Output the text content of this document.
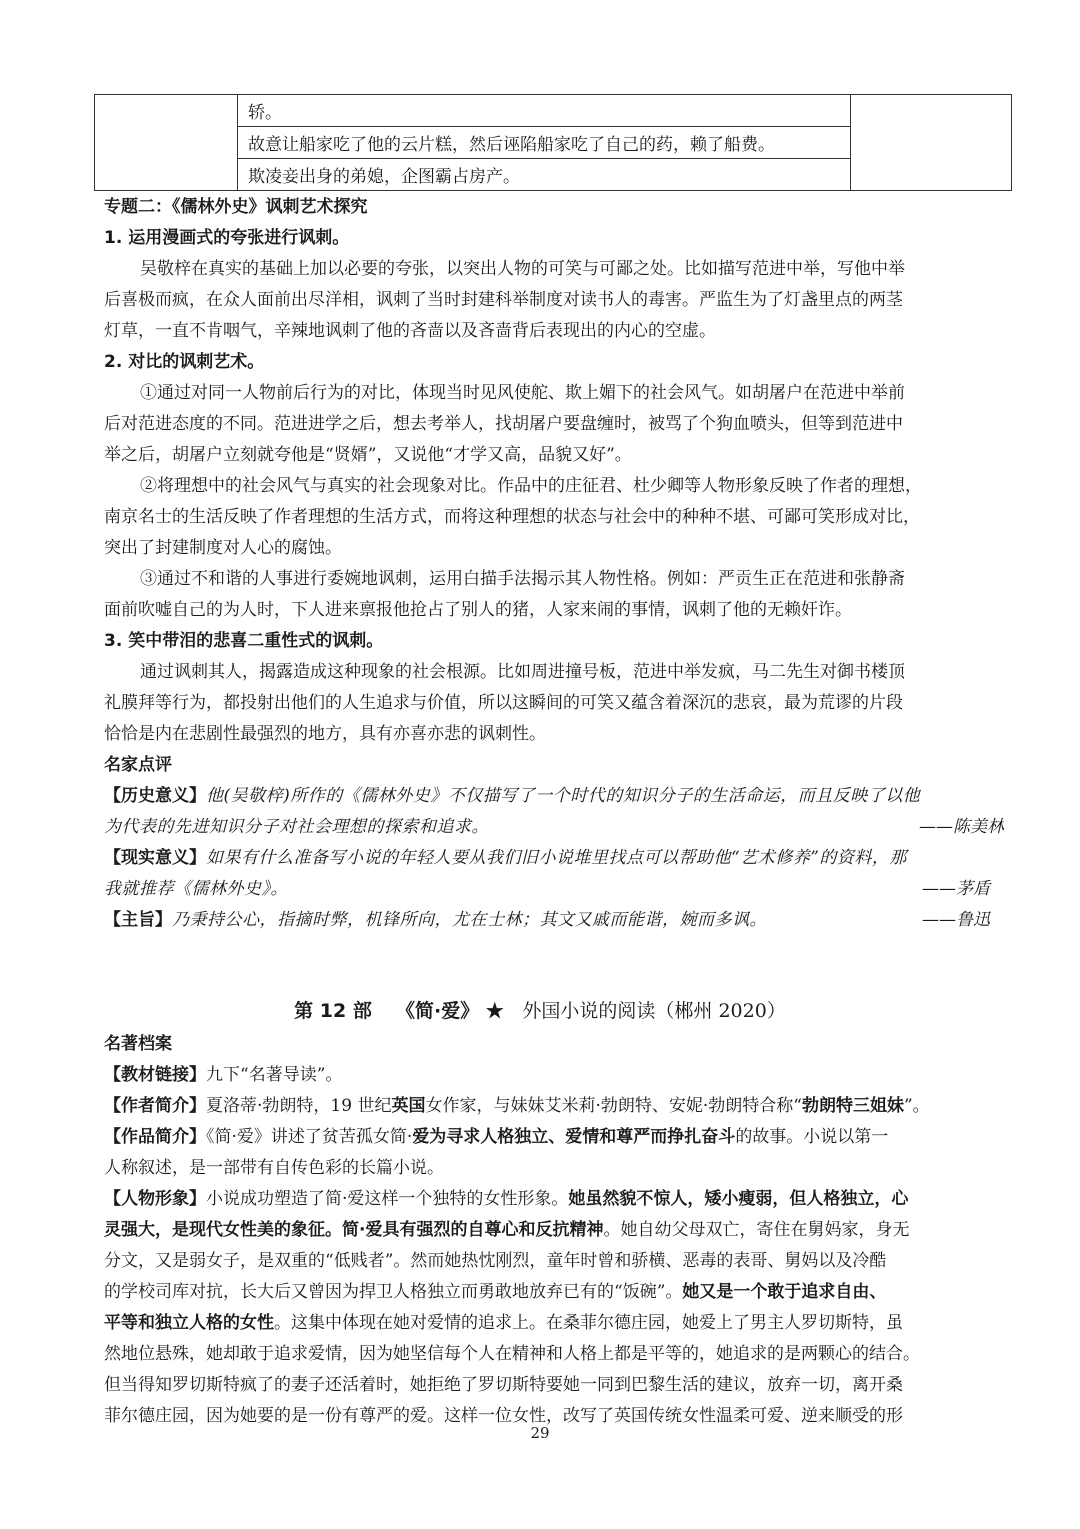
	轿。	
故意让船家吃了他的云片糕，然后诬陷船家吃了自己的药，赖了船费。
欺凌妾出身的弟媳，企图霸占房产。
专题二：《儒林外史》讽刺艺术探究
1. 运用漫画式的夸张进行讽刺。
吴敬梓在真实的基础上加以必要的夸张，以突出人物的可笑与可鄙之处。比如描写范进中举，写他中举
后喜极而疯，在众人面前出尽洋相，讽刺了当时封建科举制度对读书人的毒害。严监生为了灯盏里点的两茎
灯草，一直不肯咽气，辛辣地讽刺了他的吝啬以及吝啬背后表现出的内心的空虚。
2. 对比的讽刺艺术。
①通过对同一人物前后行为的对比，体现当时见风使舵、欺上媚下的社会风气。如胡屠户在范进中举前
后对范进态度的不同。范进进学之后，想去考举人，找胡屠户要盘缠时，被骂了个狗血喷头，但等到范进中
举之后，胡屠户立刻就夸他是“贤婿”，又说他“才学又高，品貌又好”。
②将理想中的社会风气与真实的社会现象对比。作品中的庄征君、杜少卿等人物形象反映了作者的理想，
南京名士的生活反映了作者理想的生活方式，而将这种理想的状态与社会中的种种不堪、可鄙可笑形成对比，
突出了封建制度对人心的腐蚀。
③通过不和谐的人事进行委婉地讽刺，运用白描手法揭示其人物性格。例如：严贡生正在范进和张静斋
面前吹嘘自己的为人时，下人进来禀报他抢占了别人的猪，人家来闹的事情，讽刺了他的无赖奸诈。
3. 笑中带泪的悲喜二重性式的讽刺。
通过讽刺其人，揭露造成这种现象的社会根源。比如周进撞号板，范进中举发疯，马二先生对御书楼顶
礼膜拜等行为，都投射出他们的人生追求与价值，所以这瞬间的可笑又蕴含着深沉的悲哀，最为荒谬的片段
恰恰是内在悲剧性最强烈的地方，具有亦喜亦悲的讽刺性。
名家点评
【历史意义】他(吴敬梓)所作的《儒林外史》不仅描写了一个时代的知识分子的生活命运，而且反映了以他
为代表的先进知识分子对社会理想的探索和追求。	——陈美林
【现实意义】如果有什么准备写小说的年轻人要从我们旧小说堆里找点可以帮助他“艺术修养”的资料，那
我就推荐《儒林外史》。	——茅盾
【主旨】乃秉持公心，指摘时弊，机锋所向，尤在士林；其文又戚而能谐，婉而多讽。	——鲁迅
第 12 部 《简·爱》 ★ 外国小说的阅读（郴州 2020）
名著档案
【教材链接】九下“名著导读”。
【作者简介】夏洛蒂·勃朗特，19 世纪英国女作家，与妹妹艾米莉·勃朗特、安妮·勃朗特合称“勃朗特三姐妹”。
【作品简介】《简·爱》讲述了贫苦孤女简·爱为寻求人格独立、爱情和尊严而挣扎奋斗的故事。小说以第一
人称叙述，是一部带有自传色彩的长篇小说。
【人物形象】小说成功塑造了简·爱这样一个独特的女性形象。她虽然貌不惊人，矮小瘦弱，但人格独立，心
灵强大，是现代女性美的象征。简·爱具有强烈的自尊心和反抗精神。她自幼父母双亡，寄住在舅妈家，身无
分文，又是弱女子，是双重的“低贱者”。然而她热忱刚烈，童年时曾和骄横、恶毒的表哥、舅妈以及冷酷
的学校司库对抗，长大后又曾因为捍卫人格独立而勇敢地放弃已有的“饭碗”。她又是一个敢于追求自由、
平等和独立人格的女性。这集中体现在她对爱情的追求上。在桑菲尔德庄园，她爱上了男主人罗切斯特，虽
然地位悬殊，她却敢于追求爱情，因为她坚信每个人在精神和人格上都是平等的，她追求的是两颗心的结合。
但当得知罗切斯特疯了的妻子还活着时，她拒绝了罗切斯特要她一同到巴黎生活的建议，放弃一切，离开桑
菲尔德庄园，因为她要的是一份有尊严的爱。这样一位女性，改写了英国传统女性温柔可爱、逆来顺受的形
29
